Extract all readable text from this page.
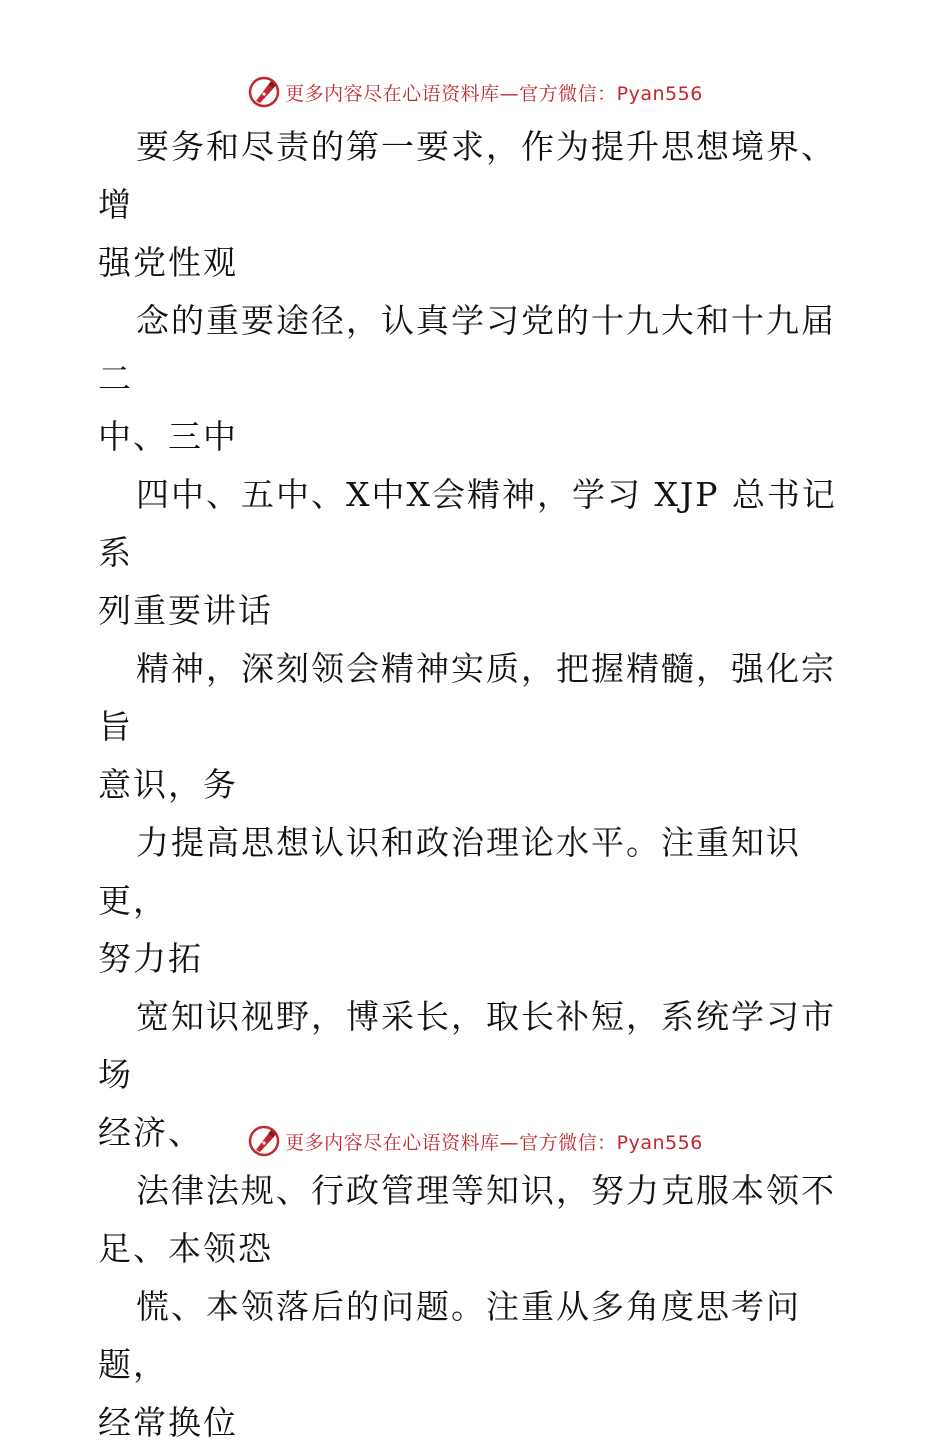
更多内容尽在心语资料库—官方微信：Pyan556

要务和尽责的第一要求，作为提升思想境界、增
强党性观

念的重要途径，认真学习党的十九大和十九届二
中、三中

四中、五中、X中X会精神，学习 XJP 总书记系
列重要讲话

精神，深刻领会精神实质，把握精髓，强化宗旨
意识，务

力提高思想认识和政治理论水平。注重知识更，
努力拓

宽知识视野，博采长，取长补短，系统学习市场
经济、

法律法规、行政管理等知识，努力克服本领不
足、本领恐

慌、本领落后的问题。注重从多角度思考问题，
经常换位

更多内容尽在心语资料库—官方微信：Pyan556
